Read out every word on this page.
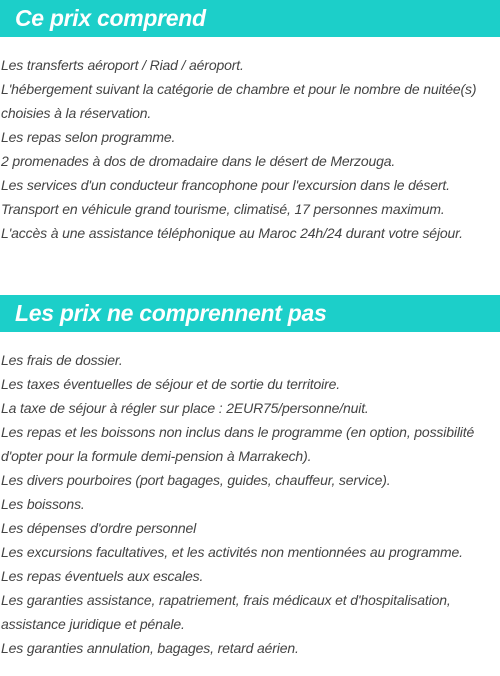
Ce prix comprend
Les transferts aéroport / Riad / aéroport.
L'hébergement suivant la catégorie de chambre et pour le nombre de nuitée(s) choisies à la réservation.
Les repas selon programme.
2 promenades à dos de dromadaire dans le désert de Merzouga.
Les services d'un conducteur francophone pour l'excursion dans le désert.
Transport en véhicule grand tourisme, climatisé, 17 personnes maximum.
L'accès à une assistance téléphonique au Maroc 24h/24 durant votre séjour.
Les prix ne comprennent pas
Les frais de dossier.
Les taxes éventuelles de séjour et de sortie du territoire.
La taxe de séjour à régler sur place : 2EUR75/personne/nuit.
Les repas et les boissons non inclus dans le programme (en option, possibilité d'opter pour la formule demi-pension à Marrakech).
Les divers pourboires (port bagages, guides, chauffeur, service).
Les boissons.
Les dépenses d'ordre personnel
Les excursions facultatives, et les activités non mentionnées au programme.
Les repas éventuels aux escales.
Les garanties assistance, rapatriement, frais médicaux et d'hospitalisation, assistance juridique et pénale.
Les garanties annulation, bagages, retard aérien.
